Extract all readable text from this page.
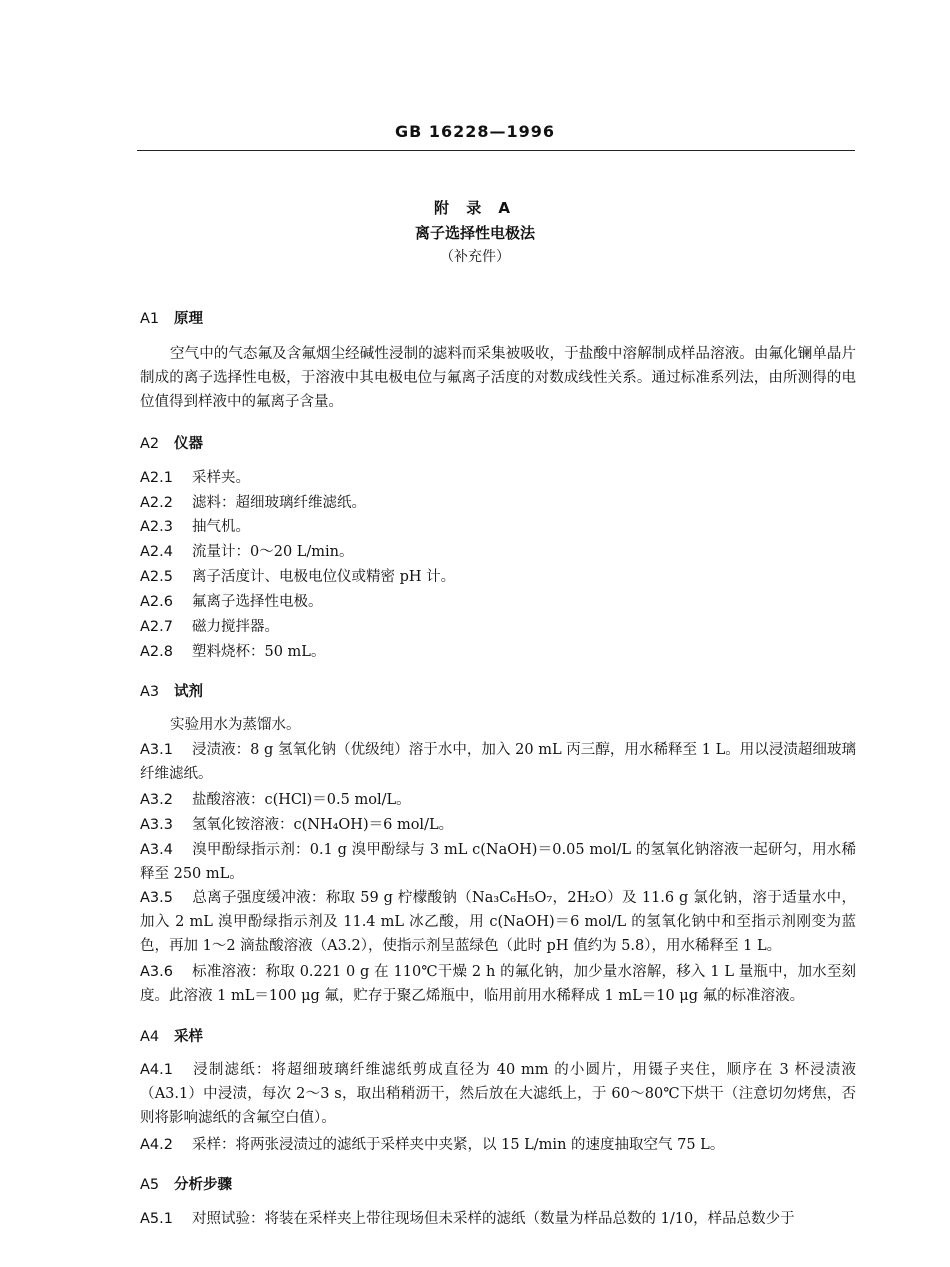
GB 16228—1996
附 录 A
离子选择性电极法
（补充件）
A1 原理
空气中的气态氟及含氟烟尘经碱性浸制的滤料而采集被吸收，于盐酸中溶解制成样品溶液。由氟化镧单晶片制成的离子选择性电极，于溶液中其电极电位与氟离子活度的对数成线性关系。通过标准系列法，由所测得的电位值得到样液中的氟离子含量。
A2 仪器
A2.1 采样夹。
A2.2 滤料：超细玻璃纤维滤纸。
A2.3 抽气机。
A2.4 流量计：0～20 L/min。
A2.5 离子活度计、电极电位仪或精密 pH 计。
A2.6 氟离子选择性电极。
A2.7 磁力搅拌器。
A2.8 塑料烧杯：50 mL。
A3 试剂
实验用水为蒸馏水。
A3.1 浸渍液：8 g 氢氧化钠（优级纯）溶于水中，加入 20 mL 丙三醇，用水稀释至 1 L。用以浸渍超细玻璃纤维滤纸。
A3.2 盐酸溶液：c(HCl)＝0.5 mol/L。
A3.3 氢氧化铵溶液：c(NH₄OH)＝6 mol/L。
A3.4 溴甲酚绿指示剂：0.1 g 溴甲酚绿与 3 mL c(NaOH)＝0.05 mol/L 的氢氧化钠溶液一起研匀，用水稀释至 250 mL。
A3.5 总离子强度缓冲液：称取 59 g 柠檬酸钠（Na₃C₆H₅O₇，2H₂O）及 11.6 g 氯化钠，溶于适量水中，加入 2 mL 溴甲酚绿指示剂及 11.4 mL 冰乙酸，用 c(NaOH)＝6 mol/L 的氢氧化钠中和至指示剂刚变为蓝色，再加 1～2 滴盐酸溶液（A3.2），使指示剂呈蓝绿色（此时 pH 值约为 5.8），用水稀释至 1 L。
A3.6 标准溶液：称取 0.221 0 g 在 110℃干燥 2 h 的氟化钠，加少量水溶解，移入 1 L 量瓶中，加水至刻度。此溶液 1 mL＝100 μg 氟，贮存于聚乙烯瓶中，临用前用水稀释成 1 mL＝10 μg 氟的标准溶液。
A4 采样
A4.1 浸制滤纸：将超细玻璃纤维滤纸剪成直径为 40 mm 的小圆片，用镊子夹住，顺序在 3 杯浸渍液（A3.1）中浸渍，每次 2～3 s，取出稍稍沥干，然后放在大滤纸上，于 60～80℃下烘干（注意切勿烤焦，否则将影响滤纸的含氟空白值）。
A4.2 采样：将两张浸渍过的滤纸于采样夹中夹紧，以 15 L/min 的速度抽取空气 75 L。
A5 分析步骤
A5.1 对照试验：将装在采样夹上带往现场但未采样的滤纸（数量为样品总数的 1/10，样品总数少于
